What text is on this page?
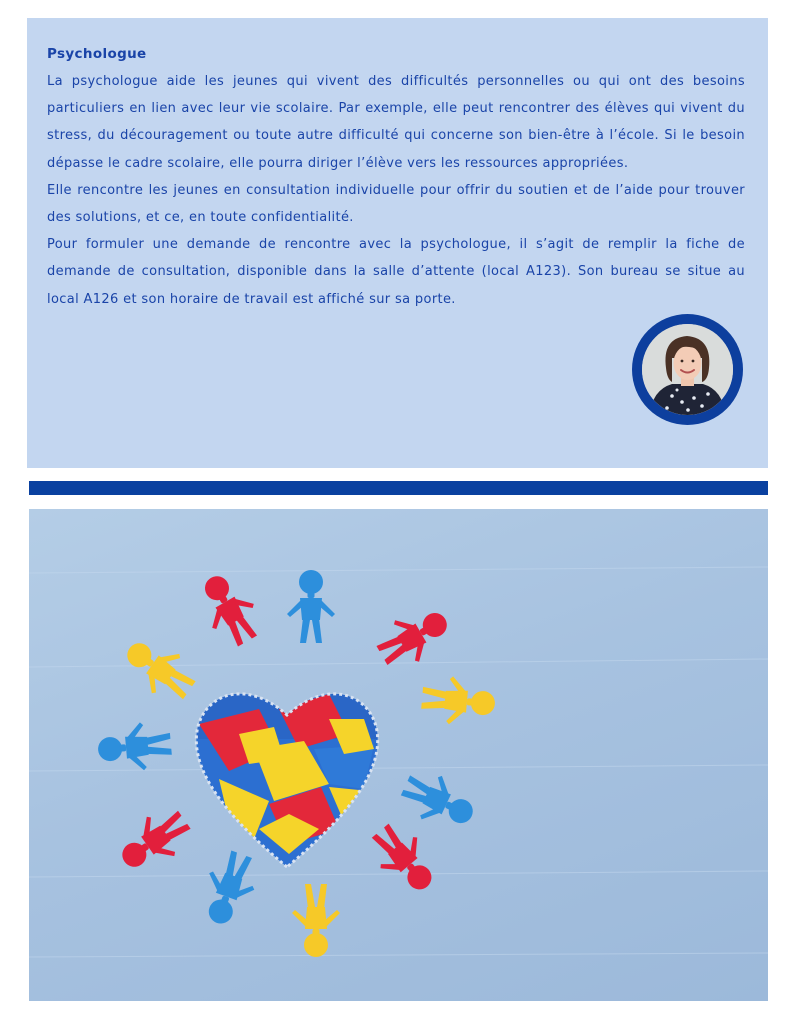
Psychologue

La psychologue aide les jeunes qui vivent des difficultés personnelles ou qui ont des besoins particuliers en lien avec leur vie scolaire. Par exemple, elle peut rencontrer des élèves qui vivent du stress, du découragement ou toute autre difficulté qui concerne son bien-être à l’école. Si le besoin dépasse le cadre scolaire, elle pourra diriger l’élève vers les ressources appropriées.

Elle rencontre les jeunes en consultation individuelle pour offrir du soutien et de l’aide pour trouver des solutions, et ce, en toute confidentialité.

Pour formuler une demande de rencontre avec la psychologue, il s’agit de remplir la fiche de demande de consultation, disponible dans la salle d’attente (local A123). Son bureau se situe au local A126 et son horaire de travail est affiché sur sa porte.
